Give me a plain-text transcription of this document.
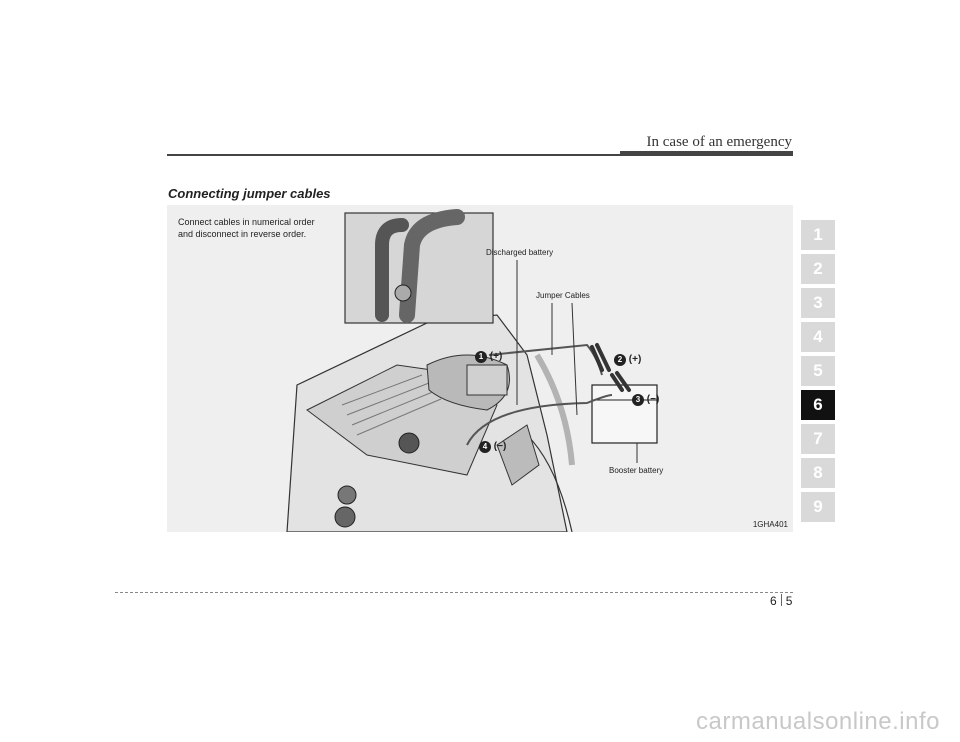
In case of an emergency
Connecting jumper cables
Connect cables in numerical order
and disconnect in reverse order.
Discharged battery
Jumper Cables
Booster battery
1 (+)	2 (+)
3 (−)
4 (−)
1GHA401
1
2
3
4
5
6
7
8
9
6 5
carmanualsonline.info
